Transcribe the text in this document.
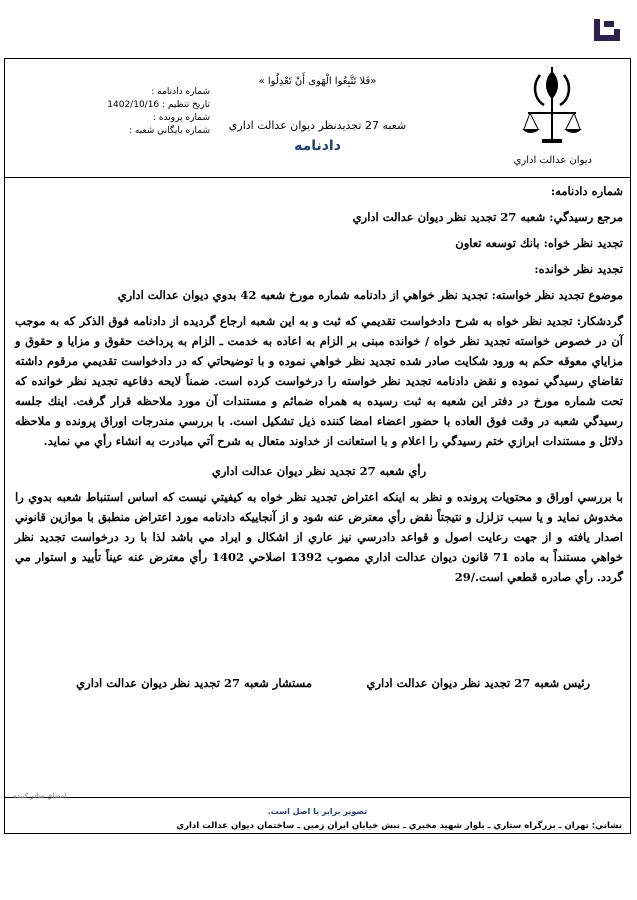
ديوان عدالت اداري
«فَلا تَتَّبِعُوا الْهَوى أَنْ تَعْدِلُوا »
شعبه 27 تجديدنظر ديوان عدالت اداري
دادنامه
شماره دادنامه :
تاريخ تنظيم : 1402/10/16
شماره پرونده :
شماره بايگاني شعبه :

شماره دادنامه:

مرجع رسيدگي: شعبه 27 تجديد نظر ديوان عدالت اداري

تجديد نظر خواه: بانك توسعه تعاون

تجديد نظر خوانده:

موضوع تجديد نظر خواسته: تجديد نظر خواهي از دادنامه شماره مورخ شعبه 42 بدوي ديوان عدالت اداري

گردشكار: تجديد نظر خواه به شرح دادخواست تقديمي كه ثبت و به اين شعبه ارجاع گرديده از دادنامه فوق الذكر كه به موجب آن در خصوص خواسته تجديد نظر خواه / خوانده مبنی بر الزام به اعاده به خدمت ـ الزام به پرداخت حقوق و مزايا و حقوق و مزاياي معوقه حكم به ورود شكايت صادر شده تجديد نظر خواهي نموده و با توضيحاتي كه در دادخواست تقديمي مرقوم داشته تقاضاي رسيدگي نموده و نقض دادنامه تجديد نظر خواسته را درخواست كرده است. ضمناً لايحه دفاعيه تجديد نظر خوانده كه تحت شماره مورخ در دفتر اين شعبه به ثبت رسيده به همراه ضمائم و مستندات آن مورد ملاحظه قرار گرفت. اينك جلسه رسيدگي شعبه در وقت فوق العاده با حضور اعضاء امضا كننده ذيل تشكيل است. با بررسي مندرجات اوراق پرونده و ملاحظه دلائل و مستندات ابرازي ختم رسيدگي را اعلام و با استعانت از خداوند متعال به شرح آتي مبادرت به انشاء رأي مي نمايد.

رأي شعبه 27 تجديد نظر ديوان عدالت اداري

با بررسي اوراق و محتويات پرونده و نظر به اينكه اعتراض تجديد نظر خواه به كيفيتي نيست كه اساس استنباط شعبه بدوي را مخدوش نمايد و يا سبب تزلزل و نتيجتاً نقض رأي معترض عنه شود و از آنجاييكه دادنامه مورد اعتراض منطبق با موازين قانوني اصدار يافته و از جهت رعايت اصول و قواعد دادرسي نيز عاري از اشكال و ايراد مي باشد لذا با رد درخواست تجديد نظر خواهي مستنداً به ماده 71 قانون ديوان عدالت اداري مصوب 1392 اصلاحي 1402 رأي معترض عنه عيناً تأييد و استوار مي گردد. رأي صادره قطعي است./29

رئيس شعبه 27 تجديد نظر ديوان عدالت اداري
مستشار شعبه 27 تجديد نظر ديوان عدالت اداري
امضاي صادر كننده
تصوير برابر با اصل است.
نشاني: تهران ـ بزرگراه ستاري ـ بلوار شهيد مخبري ـ نبش خيابان ايران زمين ـ ساختمان ديوان عدالت اداري
